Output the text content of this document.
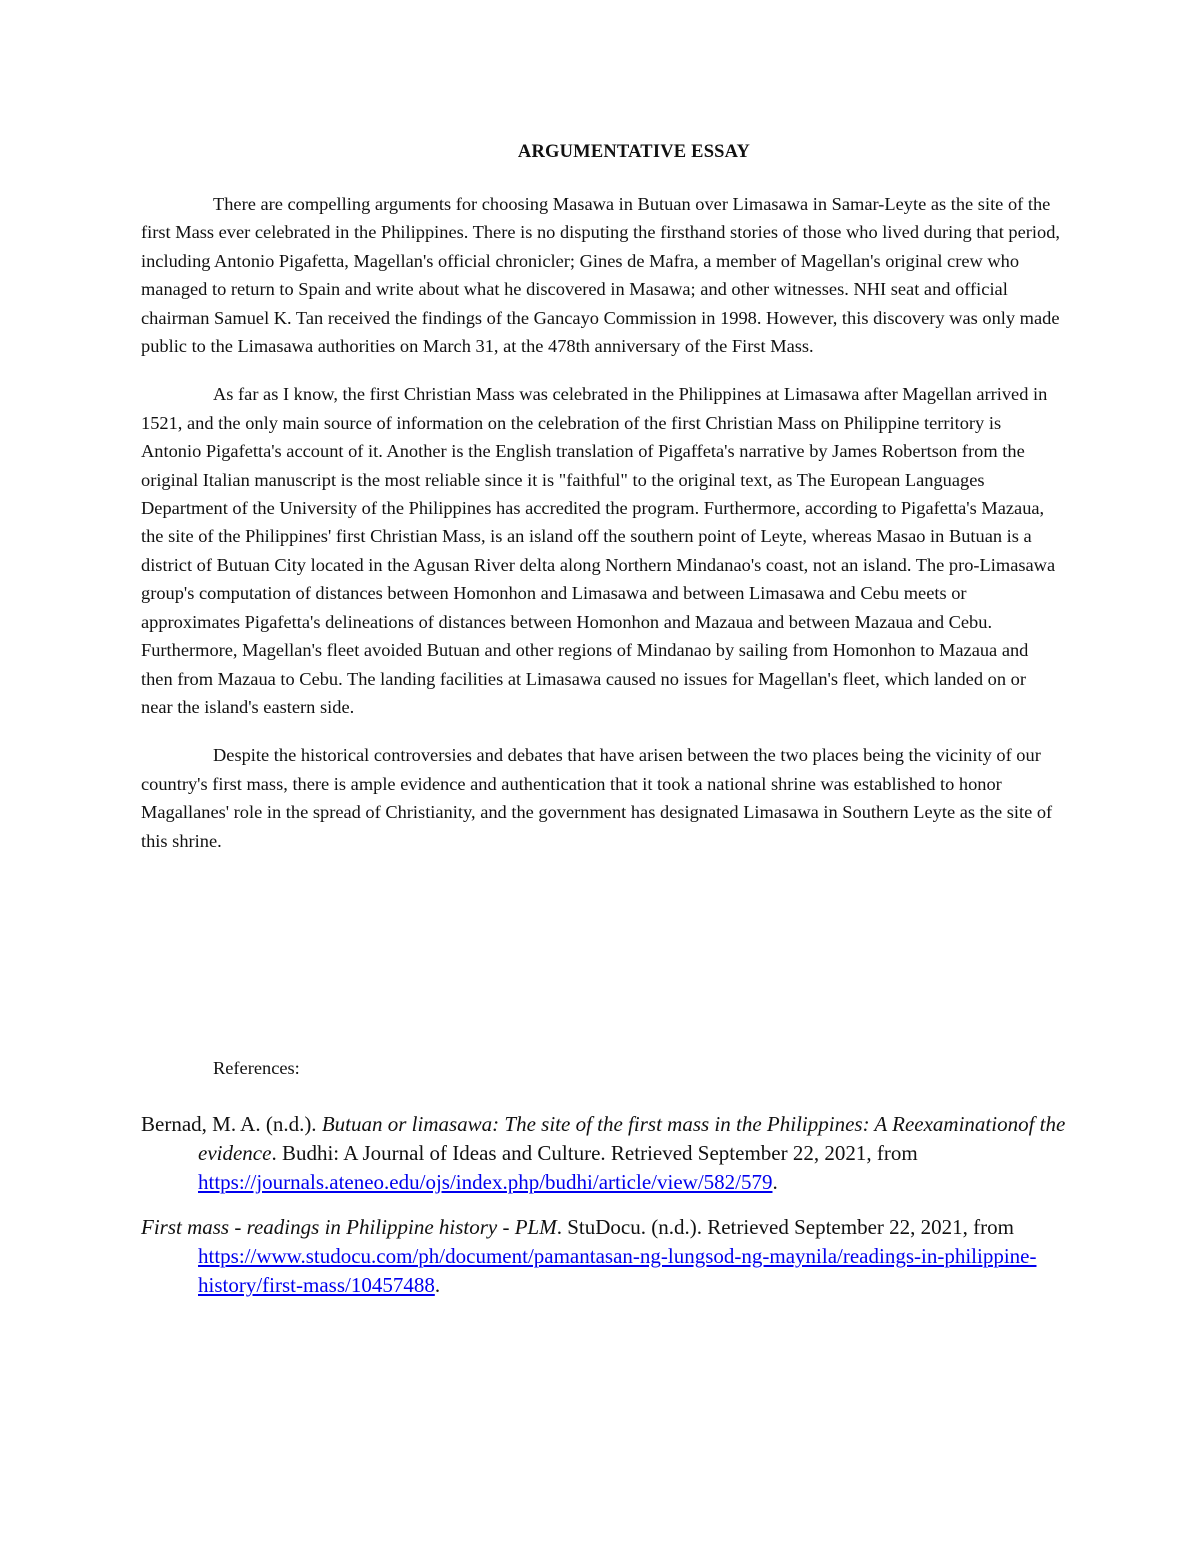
ARGUMENTATIVE ESSAY

There are compelling arguments for choosing Masawa in Butuan over Limasawa in Samar-Leyte as the site of the first Mass ever celebrated in the Philippines. There is no disputing the firsthand stories of those who lived during that period, including Antonio Pigafetta, Magellan's official chronicler; Gines de Mafra, a member of Magellan's original crew who managed to return to Spain and write about what he discovered in Masawa; and other witnesses. NHI seat and official chairman Samuel K. Tan received the findings of the Gancayo Commission in 1998. However, this discovery was only made public to the Limasawa authorities on March 31, at the 478th anniversary of the First Mass.

As far as I know, the first Christian Mass was celebrated in the Philippines at Limasawa after Magellan arrived in 1521, and the only main source of information on the celebration of the first Christian Mass on Philippine territory is Antonio Pigafetta's account of it. Another is the English translation of Pigaffeta's narrative by James Robertson from the original Italian manuscript is the most reliable since it is "faithful" to the original text, as The European Languages Department of the University of the Philippines has accredited the program. Furthermore, according to Pigafetta's Mazaua, the site of the Philippines' first Christian Mass, is an island off the southern point of Leyte, whereas Masao in Butuan is a district of Butuan City located in the Agusan River delta along Northern Mindanao's coast, not an island. The pro-Limasawa group's computation of distances between Homonhon and Limasawa and between Limasawa and Cebu meets or approximates Pigafetta's delineations of distances between Homonhon and Mazaua and between Mazaua and Cebu. Furthermore, Magellan's fleet avoided Butuan and other regions of Mindanao by sailing from Homonhon to Mazaua and then from Mazaua to Cebu. The landing facilities at Limasawa caused no issues for Magellan's fleet, which landed on or near the island's eastern side.

Despite the historical controversies and debates that have arisen between the two places being the vicinity of our country's first mass, there is ample evidence and authentication that it took a national shrine was established to honor Magallanes' role in the spread of Christianity, and the government has designated Limasawa in Southern Leyte as the site of this shrine.

References:

Bernad, M. A. (n.d.). Butuan or limasawa: The site of the first mass in the Philippines: A Reexaminationof the evidence. Budhi: A Journal of Ideas and Culture. Retrieved September 22, 2021, from https://journals.ateneo.edu/ojs/index.php/budhi/article/view/582/579.

First mass - readings in Philippine history - PLM. StuDocu. (n.d.). Retrieved September 22, 2021, from https://www.studocu.com/ph/document/pamantasan-ng-lungsod-ng-maynila/readings-in-philippine-history/first-mass/10457488.
